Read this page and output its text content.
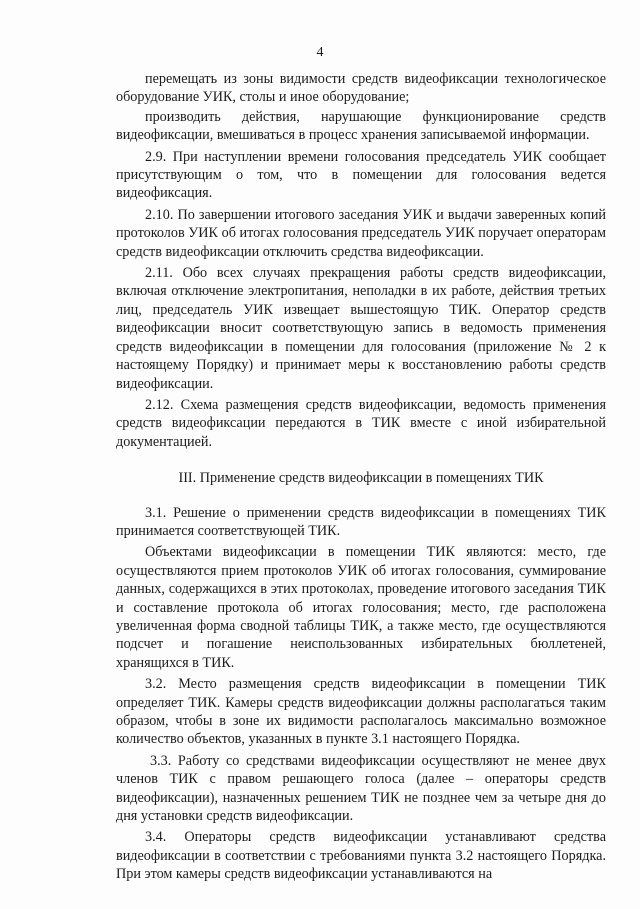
4

перемещать из зоны видимости средств видеофиксации технологическое оборудование УИК, столы и иное оборудование;

производить действия, нарушающие функционирование средств видеофиксации, вмешиваться в процесс хранения записываемой информации.

2.9. При наступлении времени голосования председатель УИК сообщает присутствующим о том, что в помещении для голосования ведется видеофиксация.

2.10. По завершении итогового заседания УИК и выдачи заверенных копий протоколов УИК об итогах голосования председатель УИК поручает операторам средств видеофиксации отключить средства видеофиксации.

2.11. Обо всех случаях прекращения работы средств видеофиксации, включая отключение электропитания, неполадки в их работе, действия третьих лиц, председатель УИК извещает вышестоящую ТИК. Оператор средств видеофиксации вносит соответствующую запись в ведомость применения средств видеофиксации в помещении для голосования (приложение № 2 к настоящему Порядку) и принимает меры к восстановлению работы средств видеофиксации.

2.12. Схема размещения средств видеофиксации, ведомость применения средств видеофиксации передаются в ТИК вместе с иной избирательной документацией.

III. Применение средств видеофиксации в помещениях ТИК

3.1. Решение о применении средств видеофиксации в помещениях ТИК принимается соответствующей ТИК.

Объектами видеофиксации в помещении ТИК являются: место, где осуществляются прием протоколов УИК об итогах голосования, суммирование данных, содержащихся в этих протоколах, проведение итогового заседания ТИК и составление протокола об итогах голосования; место, где расположена увеличенная форма сводной таблицы ТИК, а также место, где осуществляются подсчет и погашение неиспользованных избирательных бюллетеней, хранящихся в ТИК.

3.2. Место размещения средств видеофиксации в помещении ТИК определяет ТИК. Камеры средств видеофиксации должны располагаться таким образом, чтобы в зоне их видимости располагалось максимально возможное количество объектов, указанных в пункте 3.1 настоящего Порядка.

3.3. Работу со средствами видеофиксации осуществляют не менее двух членов ТИК с правом решающего голоса (далее – операторы средств видеофиксации), назначенных решением ТИК не позднее чем за четыре дня до дня установки средств видеофиксации.

3.4. Операторы средств видеофиксации устанавливают средства видеофиксации в соответствии с требованиями пункта 3.2 настоящего Порядка. При этом камеры средств видеофиксации устанавливаются на
